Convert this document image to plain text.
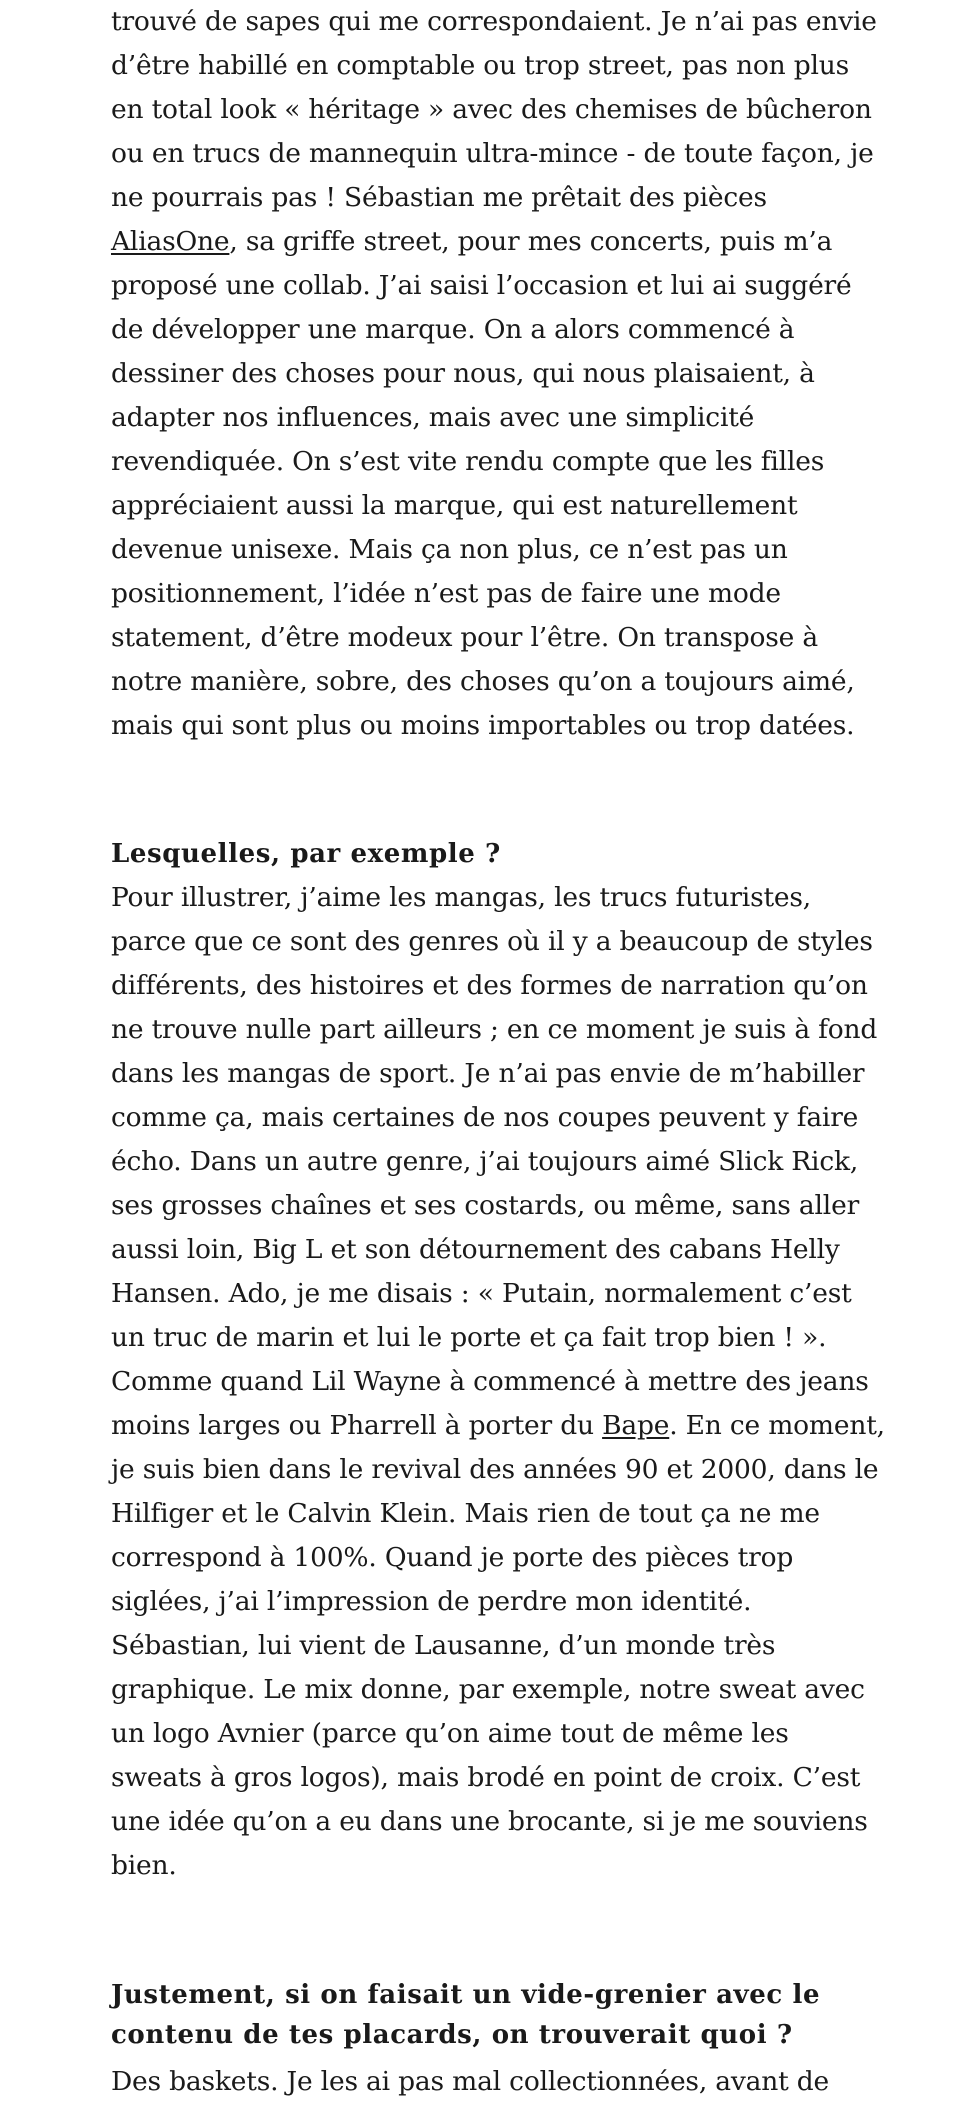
trouvé de sapes qui me correspondaient. Je n’ai pas envie d’être habillé en comptable ou trop street, pas non plus en total look « héritage » avec des chemises de bûcheron ou en trucs de mannequin ultra-mince - de toute façon, je ne pourrais pas ! Sébastian me prêtait des pièces AliasOne, sa griffe street, pour mes concerts, puis m’a proposé une collab. J’ai saisi l’occasion et lui ai suggéré de développer une marque. On a alors commencé à dessiner des choses pour nous, qui nous plaisaient, à adapter nos influences, mais avec une simplicité revendiquée. On s’est vite rendu compte que les filles appréciaient aussi la marque, qui est naturellement devenue unisexe. Mais ça non plus, ce n’est pas un positionnement, l’idée n’est pas de faire une mode statement, d’être modeux pour l’être. On transpose à notre manière, sobre, des choses qu’on a toujours aimé, mais qui sont plus ou moins importables ou trop datées.

Lesquelles, par exemple ?

Pour illustrer, j’aime les mangas, les trucs futuristes, parce que ce sont des genres où il y a beaucoup de styles différents, des histoires et des formes de narration qu’on ne trouve nulle part ailleurs ; en ce moment je suis à fond dans les mangas de sport. Je n’ai pas envie de m’habiller comme ça, mais certaines de nos coupes peuvent y faire écho. Dans un autre genre, j’ai toujours aimé Slick Rick, ses grosses chaînes et ses costards, ou même, sans aller aussi loin, Big L et son détournement des cabans Helly Hansen. Ado, je me disais : « Putain, normalement c’est un truc de marin et lui le porte et ça fait trop bien ! ». Comme quand Lil Wayne à commencé à mettre des jeans moins larges ou Pharrell à porter du Bape. En ce moment, je suis bien dans le revival des années 90 et 2000, dans le Hilfiger et le Calvin Klein. Mais rien de tout ça ne me correspond à 100%. Quand je porte des pièces trop siglées, j’ai l’impression de perdre mon identité. Sébastian, lui vient de Lausanne, d’un monde très graphique. Le mix donne, par exemple, notre sweat avec un logo Avnier (parce qu’on aime tout de même les sweats à gros logos), mais brodé en point de croix. C’est une idée qu’on a eu dans une brocante, si je me souviens bien.

Justement, si on faisait un vide-grenier avec le contenu de tes placards, on trouverait quoi ?

Des baskets. Je les ai pas mal collectionnées, avant de
